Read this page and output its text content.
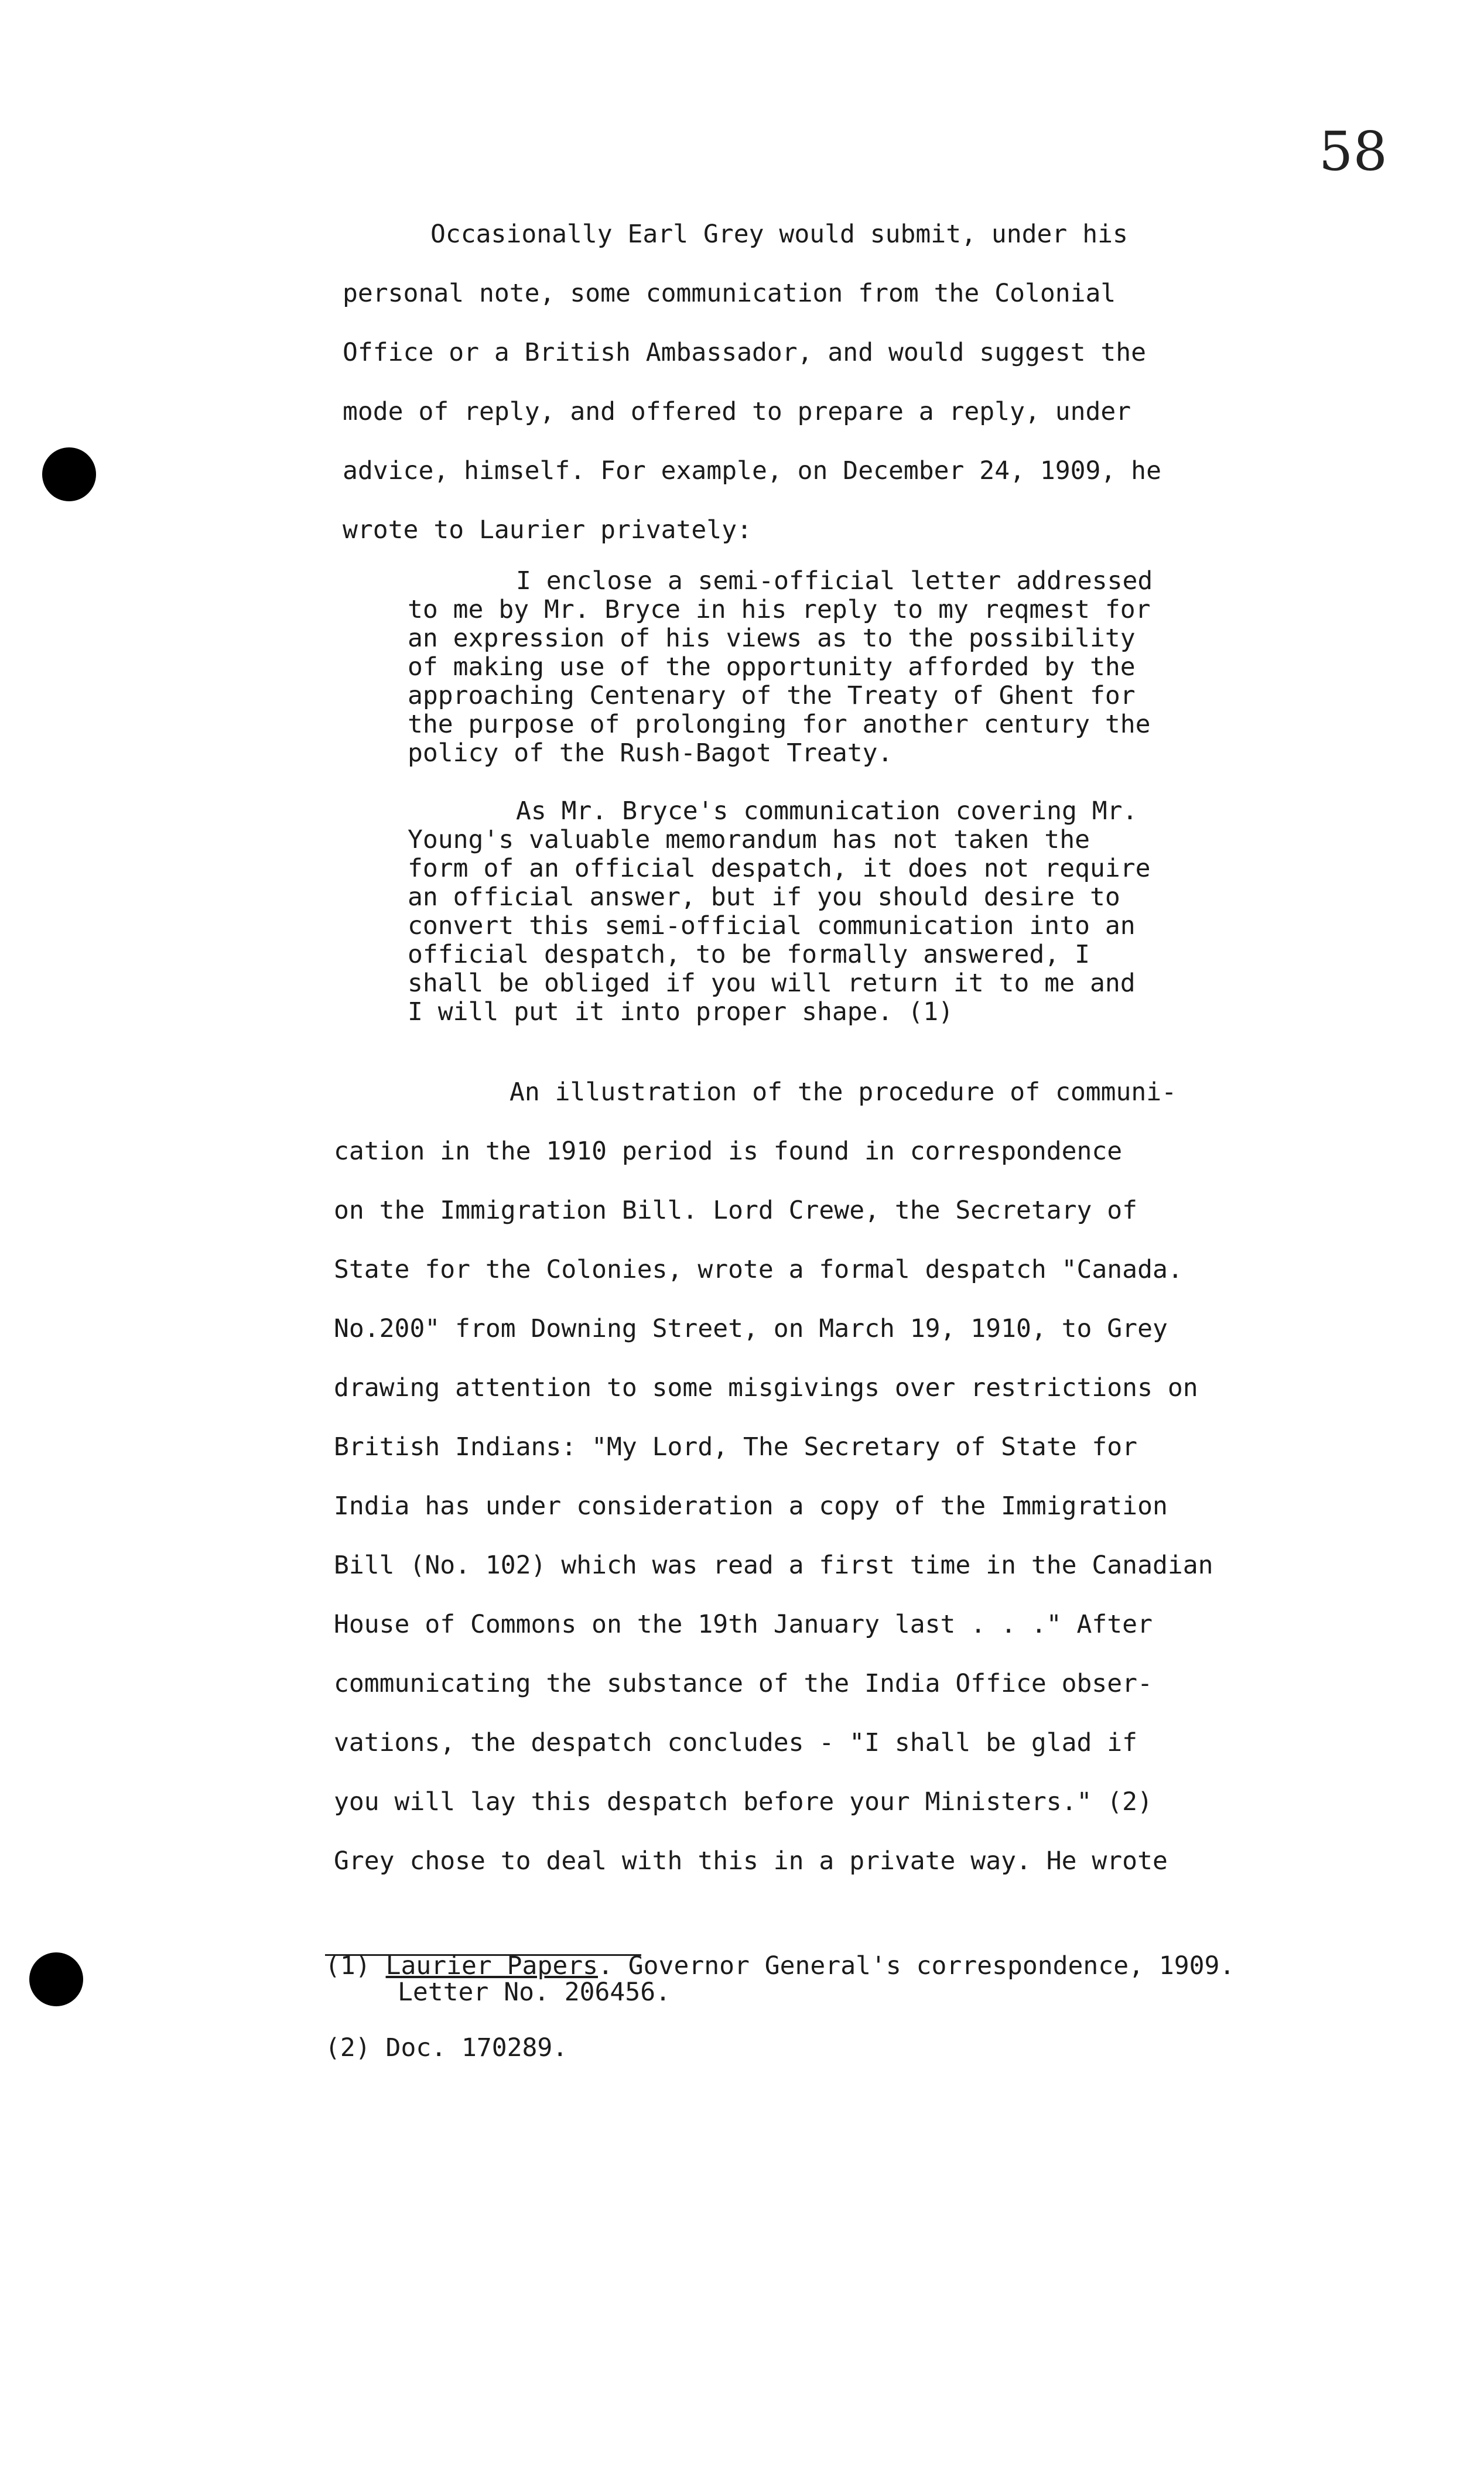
58

Occasionally Earl Grey would submit, under his

personal note, some communication from the Colonial

Office or a British Ambassador, and would suggest the

mode of reply, and offered to prepare a reply, under

advice, himself. For example, on December 24, 1909, he

wrote to Laurier privately:

I enclose a semi-official letter addressed

to me by Mr. Bryce in his reply to my reqmest for

an expression of his views as to the possibility

of making use of the opportunity afforded by the

approaching Centenary of the Treaty of Ghent for

the purpose of prolonging for another century the

policy of the Rush-Bagot Treaty.

As Mr. Bryce's communication covering Mr.

Young's valuable memorandum has not taken the

form of an official despatch, it does not require

an official answer, but if you should desire to

convert this semi-official communication into an

official despatch, to be formally answered, I

shall be obliged if you will return it to me and

I will put it into proper shape. (1)

An illustration of the procedure of communi-

cation in the 1910 period is found in correspondence

on the Immigration Bill. Lord Crewe, the Secretary of

State for the Colonies, wrote a formal despatch "Canada.

No.200" from Downing Street, on March 19, 1910, to Grey

drawing attention to some misgivings over restrictions on

British Indians: "My Lord, The Secretary of State for

India has under consideration a copy of the Immigration

Bill (No. 102) which was read a first time in the Canadian

House of Commons on the 19th January last . . ." After

communicating the substance of the India Office obser-

vations, the despatch concludes - "I shall be glad if

you will lay this despatch before your Ministers." (2)

Grey chose to deal with this in a private way. He wrote

(1) Laurier Papers. Governor General's correspondence, 1909.

Letter No. 206456.

(2) Doc. 170289.
